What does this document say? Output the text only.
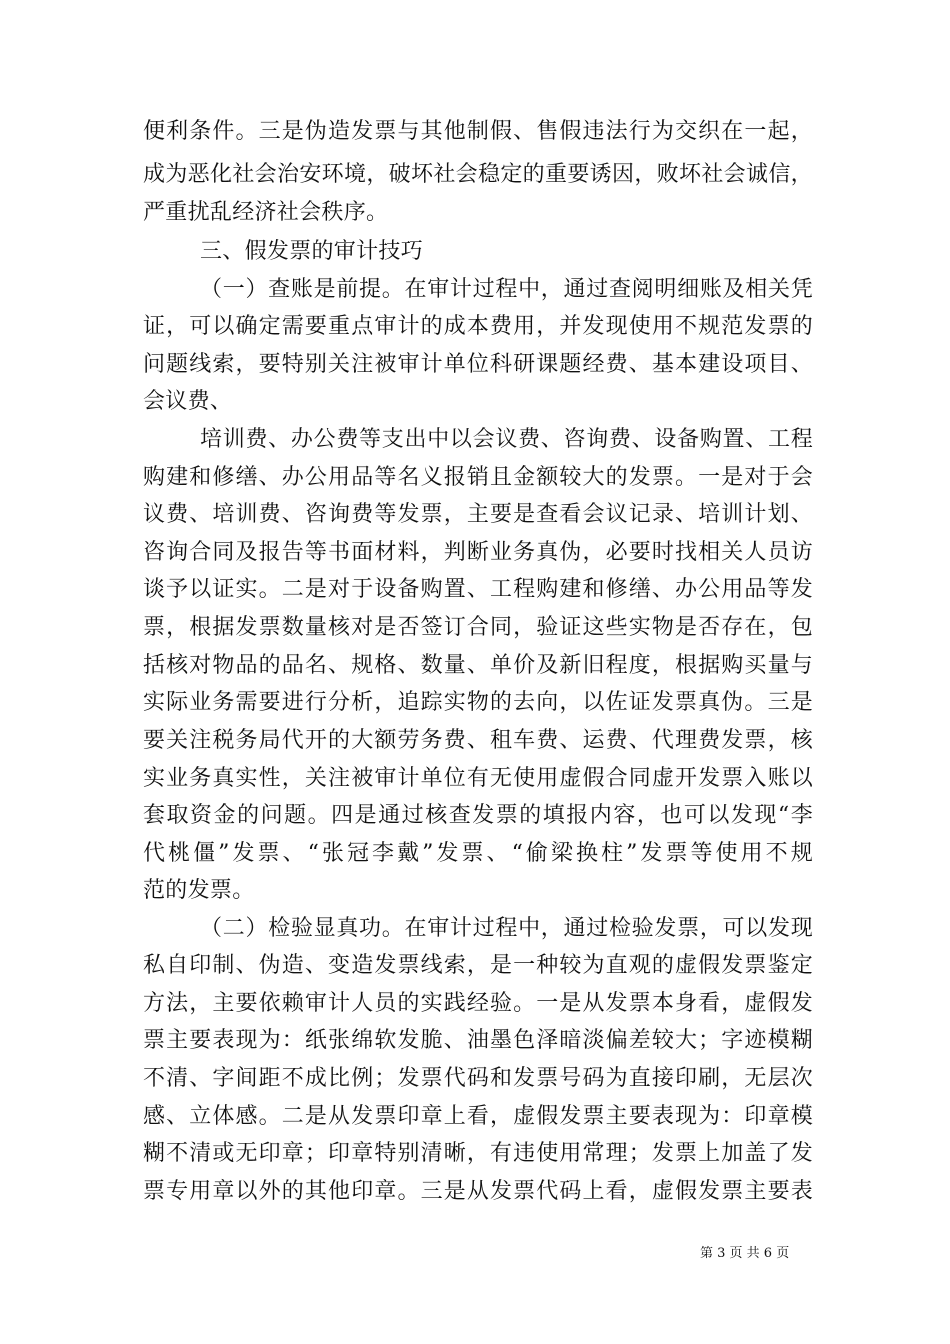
便利条件。三是伪造发票与其他制假、售假违法行为交织在一起，
成为恶化社会治安环境，破坏社会稳定的重要诱因，败坏社会诚信，
严重扰乱经济社会秩序。
三、假发票的审计技巧
（一）查账是前提。在审计过程中，通过查阅明细账及相关凭
证，可以确定需要重点审计的成本费用，并发现使用不规范发票的
问题线索，要特别关注被审计单位科研课题经费、基本建设项目、
会议费、
培训费、办公费等支出中以会议费、咨询费、设备购置、工程
购建和修缮、办公用品等名义报销且金额较大的发票。一是对于会
议费、培训费、咨询费等发票，主要是查看会议记录、培训计划、
咨询合同及报告等书面材料，判断业务真伪，必要时找相关人员访
谈予以证实。二是对于设备购置、工程购建和修缮、办公用品等发
票，根据发票数量核对是否签订合同，验证这些实物是否存在，包
括核对物品的品名、规格、数量、单价及新旧程度，根据购买量与
实际业务需要进行分析，追踪实物的去向，以佐证发票真伪。三是
要关注税务局代开的大额劳务费、租车费、运费、代理费发票，核
实业务真实性，关注被审计单位有无使用虚假合同虚开发票入账以
套取资金的问题。四是通过核查发票的填报内容，也可以发现“李
代桃僵”发票、“张冠李戴”发票、“偷梁换柱”发票等使用不规
范的发票。
（二）检验显真功。在审计过程中，通过检验发票，可以发现
私自印制、伪造、变造发票线索，是一种较为直观的虚假发票鉴定
方法，主要依赖审计人员的实践经验。一是从发票本身看，虚假发
票主要表现为：纸张绵软发脆、油墨色泽暗淡偏差较大；字迹模糊
不清、字间距不成比例；发票代码和发票号码为直接印刷，无层次
感、立体感。二是从发票印章上看，虚假发票主要表现为：印章模
糊不清或无印章；印章特别清晰，有违使用常理；发票上加盖了发
票专用章以外的其他印章。三是从发票代码上看，虚假发票主要表
第 3 页 共 6 页
